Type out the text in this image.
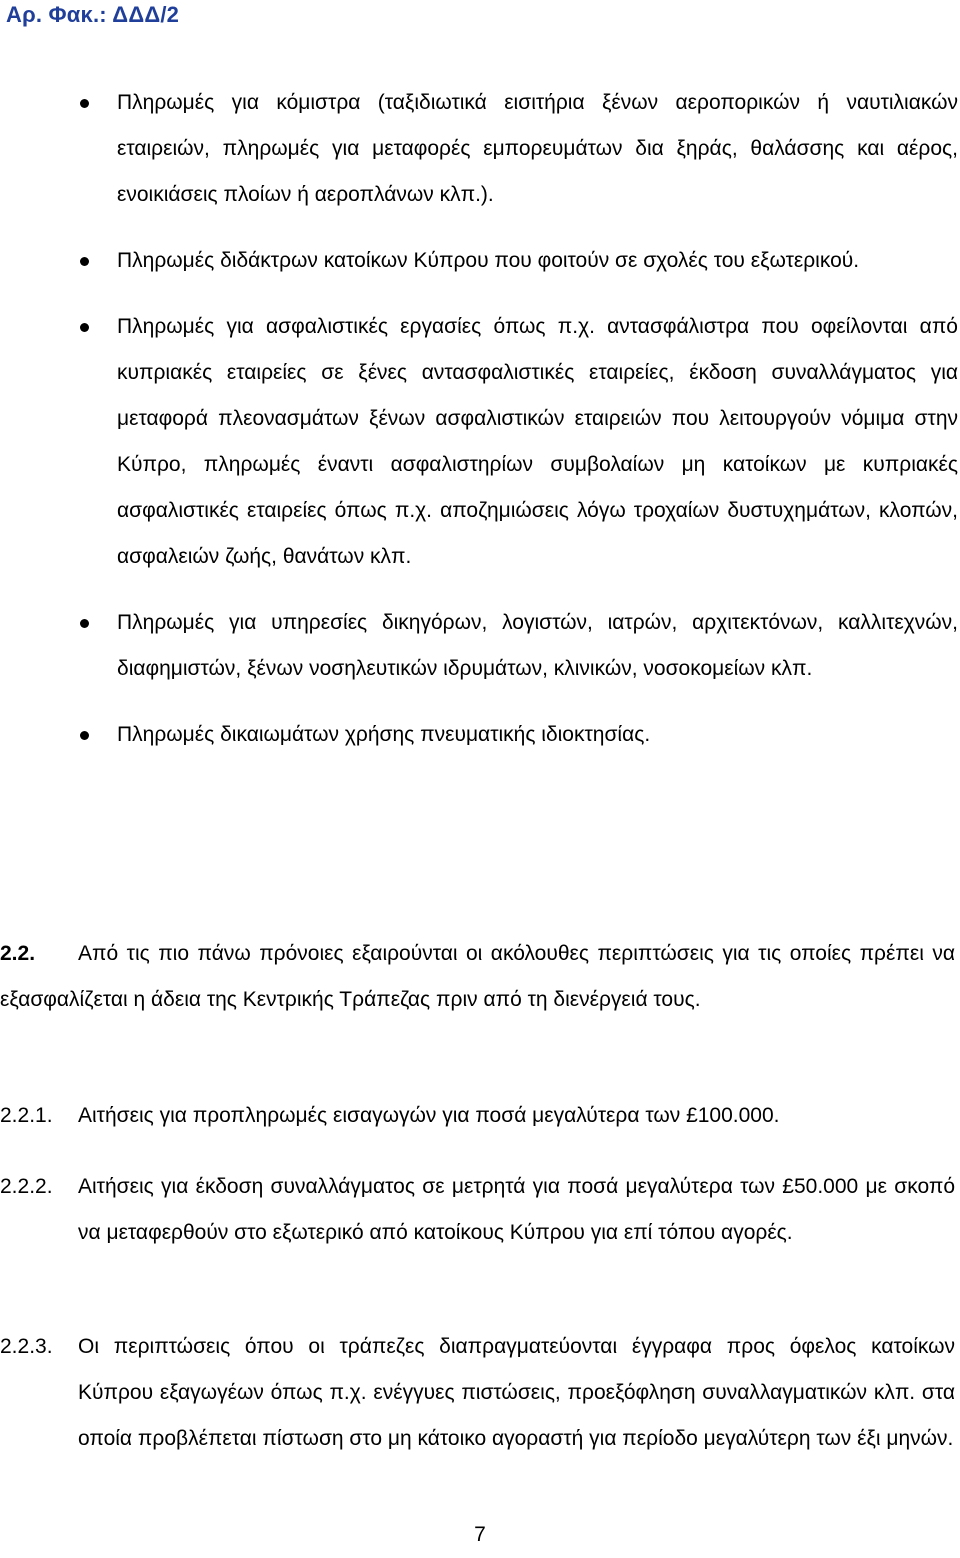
Αρ. Φακ.: ΔΔΔ/2
Πληρωμές για κόμιστρα (ταξιδιωτικά εισιτήρια ξένων αεροπορικών ή ναυτιλιακών εταιρειών, πληρωμές για μεταφορές εμπορευμάτων δια ξηράς, θαλάσσης και αέρος, ενοικιάσεις πλοίων ή αεροπλάνων κλπ.).
Πληρωμές διδάκτρων κατοίκων Κύπρου που φοιτούν σε σχολές του εξωτερικού.
Πληρωμές για ασφαλιστικές εργασίες όπως π.χ. αντασφάλιστρα που οφείλονται από κυπριακές εταιρείες σε ξένες αντασφαλιστικές εταιρείες, έκδοση συναλλάγματος για μεταφορά πλεονασμάτων ξένων ασφαλιστικών εταιρειών που λειτουργούν νόμιμα στην Κύπρο, πληρωμές έναντι ασφαλιστηρίων συμβολαίων μη κατοίκων με κυπριακές ασφαλιστικές εταιρείες όπως π.χ. αποζημιώσεις λόγω τροχαίων δυστυχημάτων, κλοπών, ασφαλειών ζωής, θανάτων κλπ.
Πληρωμές για υπηρεσίες δικηγόρων, λογιστών, ιατρών, αρχιτεκτόνων, καλλιτεχνών, διαφημιστών, ξένων νοσηλευτικών ιδρυμάτων, κλινικών, νοσοκομείων κλπ.
Πληρωμές δικαιωμάτων χρήσης πνευματικής ιδιοκτησίας.
2.2. Από τις πιο πάνω πρόνοιες εξαιρούνται οι ακόλουθες περιπτώσεις για τις οποίες πρέπει να εξασφαλίζεται η άδεια της Κεντρικής Τράπεζας πριν από τη διενέργειά τους.
2.2.1.	Αιτήσεις για προπληρωμές εισαγωγών για ποσά μεγαλύτερα των £100.000.
2.2.2.	Αιτήσεις για έκδοση συναλλάγματος σε μετρητά για ποσά μεγαλύτερα των £50.000 με σκοπό να μεταφερθούν στο εξωτερικό από κατοίκους Κύπρου για επί τόπου αγορές.
2.2.3.	Οι περιπτώσεις όπου οι τράπεζες διαπραγματεύονται έγγραφα προς όφελος κατοίκων Κύπρου εξαγωγέων όπως π.χ. ενέγγυες πιστώσεις, προεξόφληση συναλλαγματικών κλπ. στα οποία προβλέπεται πίστωση στο μη κάτοικο αγοραστή για περίοδο μεγαλύτερη των έξι μηνών.
7
